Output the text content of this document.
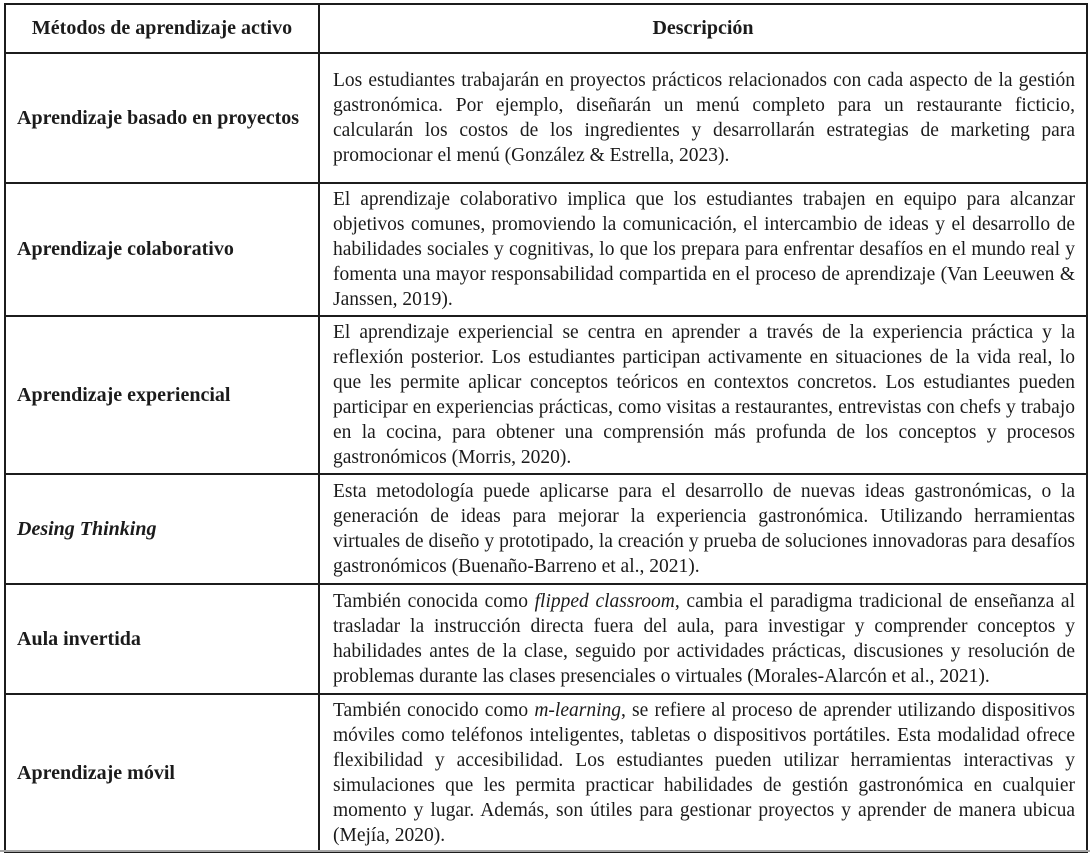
Métodos de aprendizaje activo	Descripción
Aprendizaje basado en proyectos	Los estudiantes trabajarán en proyectos prácticos relacionados con cada aspecto de la gestión gastronómica. Por ejemplo, diseñarán un menú completo para un restaurante ficticio, calcularán los costos de los ingredientes y desarrollarán estrategias de marketing para promocionar el menú (González & Estrella, 2023).
Aprendizaje colaborativo	El aprendizaje colaborativo implica que los estudiantes trabajen en equipo para alcanzar objetivos comunes, promoviendo la comunicación, el intercambio de ideas y el desarrollo de habilidades sociales y cognitivas, lo que los prepara para enfrentar desafíos en el mundo real y fomenta una mayor responsabilidad compartida en el proceso de aprendizaje (Van Leeuwen & Janssen, 2019).
Aprendizaje experiencial	El aprendizaje experiencial se centra en aprender a través de la experiencia práctica y la reflexión posterior. Los estudiantes participan activamente en situaciones de la vida real, lo que les permite aplicar conceptos teóricos en contextos concretos. Los estudiantes pueden participar en experiencias prácticas, como visitas a restaurantes, entrevistas con chefs y trabajo en la cocina, para obtener una comprensión más profunda de los conceptos y procesos gastronómicos (Morris, 2020).
Desing Thinking	Esta metodología puede aplicarse para el desarrollo de nuevas ideas gastronómicas, o la generación de ideas para mejorar la experiencia gastronómica. Utilizando herramientas virtuales de diseño y prototipado, la creación y prueba de soluciones innovadoras para desafíos gastronómicos (Buenaño-Barreno et al., 2021).
Aula invertida	También conocida como flipped classroom, cambia el paradigma tradicional de enseñanza al trasladar la instrucción directa fuera del aula, para investigar y comprender conceptos y habilidades antes de la clase, seguido por actividades prácticas, discusiones y resolución de problemas durante las clases presenciales o virtuales (Morales-Alarcón et al., 2021).
Aprendizaje móvil	También conocido como m-learning, se refiere al proceso de aprender utilizando dispositivos móviles como teléfonos inteligentes, tabletas o dispositivos portátiles. Esta modalidad ofrece flexibilidad y accesibilidad. Los estudiantes pueden utilizar herramientas interactivas y simulaciones que les permita practicar habilidades de gestión gastronómica en cualquier momento y lugar. Además, son útiles para gestionar proyectos y aprender de manera ubicua (Mejía, 2020).
